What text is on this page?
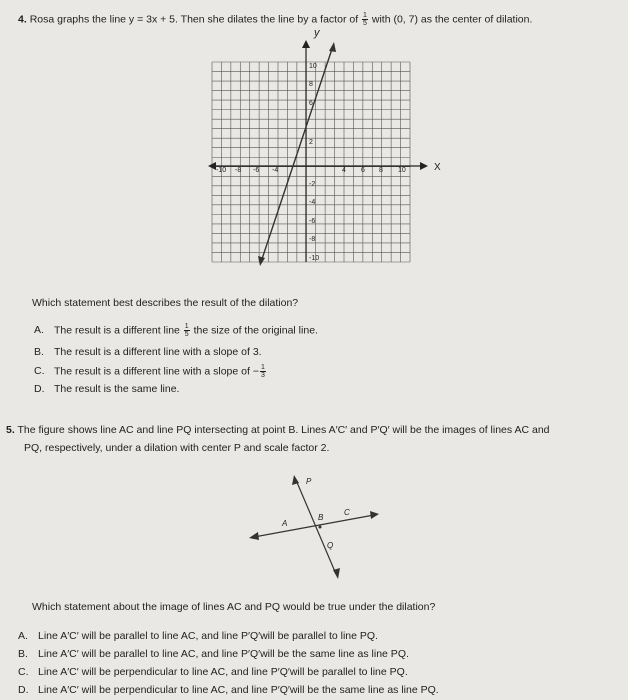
4. Rosa graphs the line y = 3x + 5. Then she dilates the line by a factor of $\frac{1}{5}$ with (0, 7) as the center of dilation.
y
X
-10 -8 -6 -4	4 6 8 10
10
8
6
2
-2
-4
-6
-8
-10
Which statement best describes the result of the dilation?
A. The result is a different line $\frac{1}{5}$ the size of the original line.
B. The result is a different line with a slope of 3.
C. The result is a different line with a slope of − $\frac{1}{3}$
D. The result is the same line.
5. The figure shows line AC and line PQ intersecting at point B. Lines A′C′ and P′Q′ will be the images of lines AC and
PQ, respectively, under a dilation with center P and scale factor 2.
P
A
B
C
Q
Which statement about the image of lines AC and PQ would be true under the dilation?
A. Line A′C′ will be parallel to line AC, and line P′Q′will be parallel to line PQ.
B. Line A′C′ will be parallel to line AC, and line P′Q′will be the same line as line PQ.
C. Line A′C′ will be perpendicular to line AC, and line P′Q′will be parallel to line PQ.
D. Line A′C′ will be perpendicular to line AC, and line P′Q′will be the same line as line PQ.
